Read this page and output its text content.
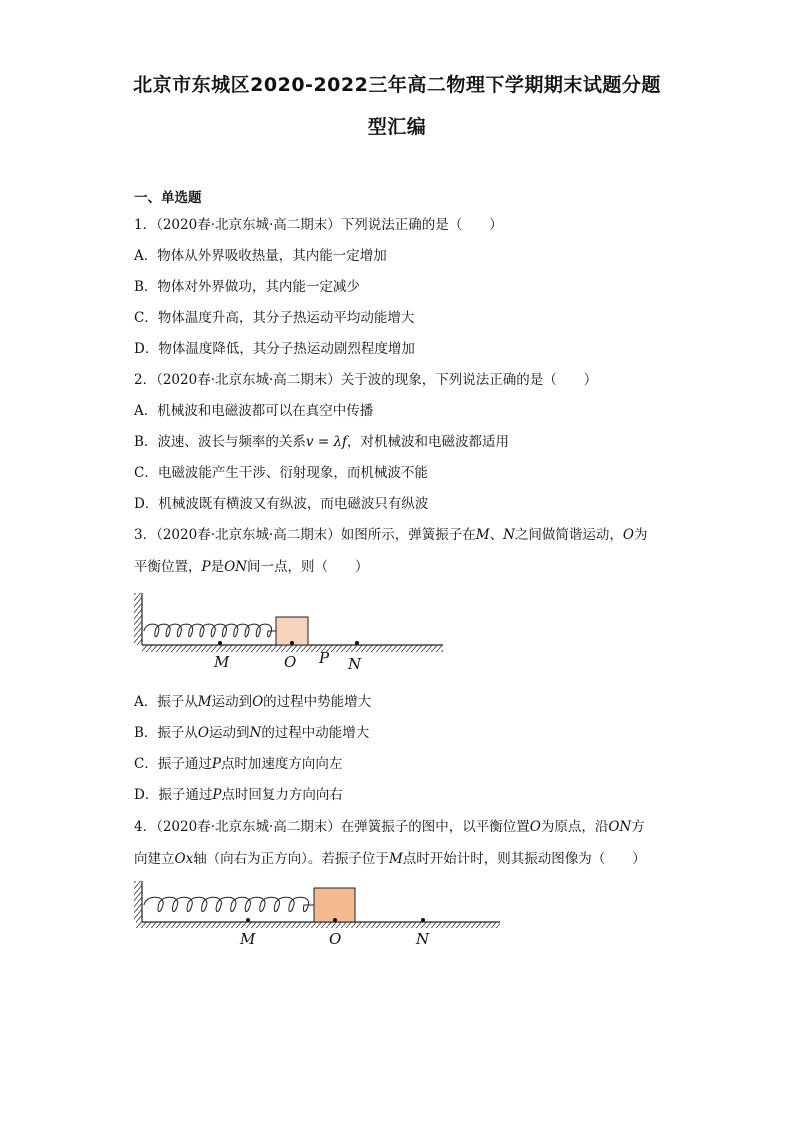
北京市东城区2020-2022三年高二物理下学期期末试题分题
型汇编
一、单选题
1．（2020春·北京东城·高二期末）下列说法正确的是（　　）
A．物体从外界吸收热量，其内能一定增加
B．物体对外界做功，其内能一定减少
C．物体温度升高，其分子热运动平均动能增大
D．物体温度降低，其分子热运动剧烈程度增加
2．（2020春·北京东城·高二期末）关于波的现象，下列说法正确的是（　　）
A．机械波和电磁波都可以在真空中传播
B．波速、波长与频率的关系v = λf，对机械波和电磁波都适用
C．电磁波能产生干涉、衍射现象，而机械波不能
D．机械波既有横波又有纵波，而电磁波只有纵波
3．（2020春·北京东城·高二期末）如图所示，弹簧振子在M、N之间做简谐运动，O为
平衡位置，P是ON间一点，则（　　）
M	O P N
A．振子从M运动到O的过程中势能增大
B．振子从O运动到N的过程中动能增大
C．振子通过P点时加速度方向向左
D．振子通过P点时回复力方向向右
4．（2020春·北京东城·高二期末）在弹簧振子的图中，以平衡位置O为原点，沿ON方
向建立Ox轴（向右为正方向）。若振子位于M点时开始计时，则其振动图像为（　　）
M	O	N
